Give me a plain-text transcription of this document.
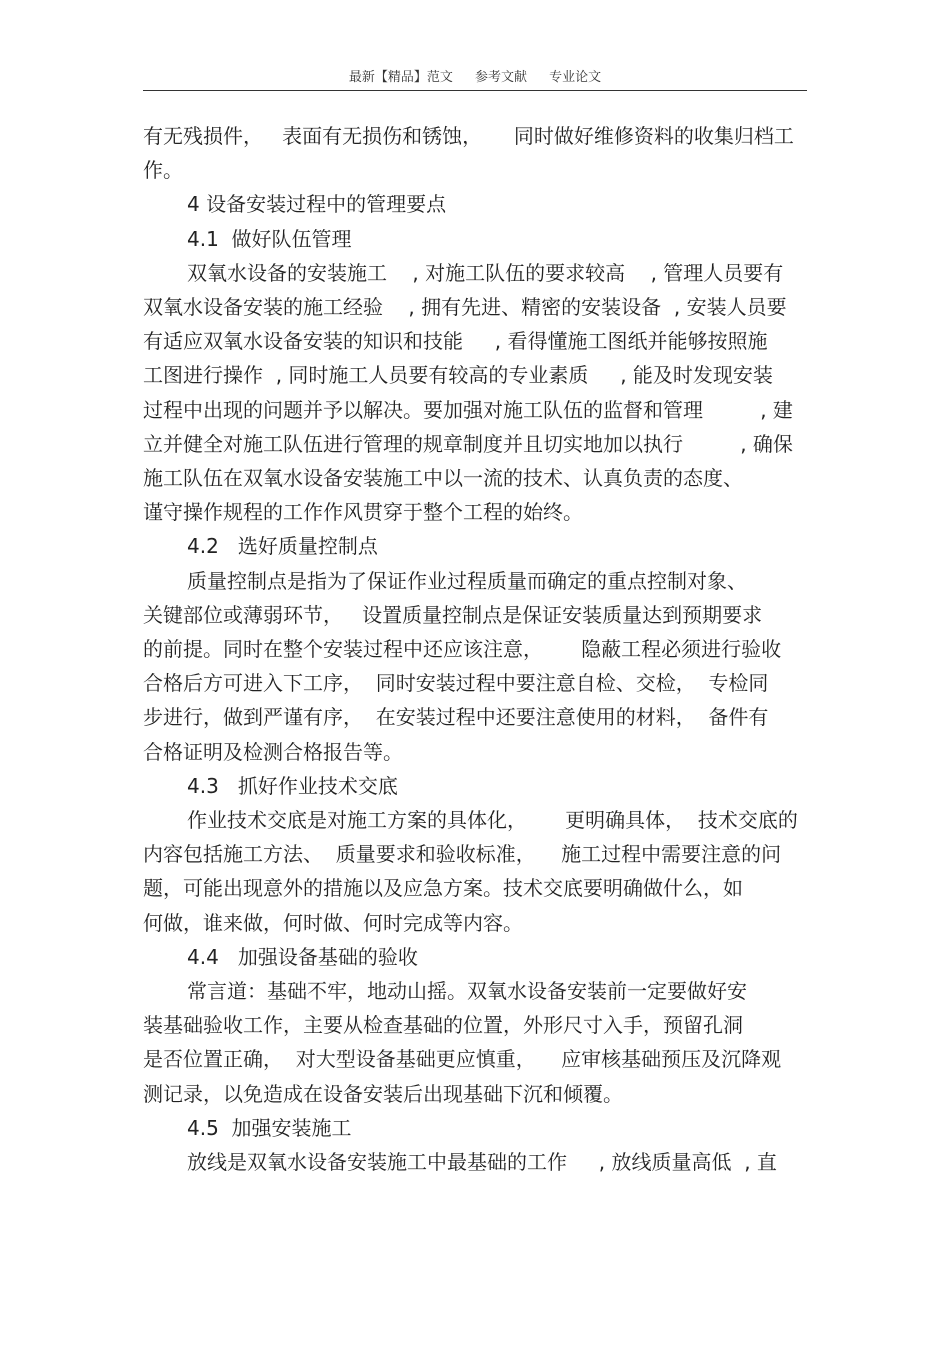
最新【精品】范文 参考文献 专业论文
有无残损件，   表面有无损伤和锈蚀，     同时做好维修资料的收集归档工
作。
4 设备安装过程中的管理要点
4.1  做好队伍管理
双氧水设备的安装施工    , 对施工队伍的要求较高    , 管理人员要有
双氧水设备安装的施工经验    , 拥有先进、精密的安装设备  , 安装人员要
有适应双氧水设备安装的知识和技能     , 看得懂施工图纸并能够按照施
工图进行操作  , 同时施工人员要有较高的专业素质     , 能及时发现安装
过程中出现的问题并予以解决。要加强对施工队伍的监督和管理         , 建
立并健全对施工队伍进行管理的规章制度并且切实地加以执行         , 确保
施工队伍在双氧水设备安装施工中以一流的技术、认真负责的态度、
谨守操作规程的工作作风贯穿于整个工程的始终。
4.2   选好质量控制点
质量控制点是指为了保证作业过程质量而确定的重点控制对象、
关键部位或薄弱环节，   设置质量控制点是保证安装质量达到预期要求
的前提。同时在整个安装过程中还应该注意，      隐蔽工程必须进行验收
合格后方可进入下工序，  同时安装过程中要注意自检、交检，  专检同
步进行，做到严谨有序，  在安装过程中还要注意使用的材料，  备件有
合格证明及检测合格报告等。
4.3   抓好作业技术交底
作业技术交底是对施工方案的具体化，      更明确具体，  技术交底的
内容包括施工方法、  质量要求和验收标准，    施工过程中需要注意的问
题，可能出现意外的措施以及应急方案。技术交底要明确做什么，如
何做，谁来做，何时做、何时完成等内容。
4.4   加强设备基础的验收
常言道：基础不牢，地动山摇。双氧水设备安装前一定要做好安
装基础验收工作，主要从检查基础的位置，外形尺寸入手，预留孔洞
是否位置正确，  对大型设备基础更应慎重，    应审核基础预压及沉降观
测记录，以免造成在设备安装后出现基础下沉和倾覆。
4.5  加强安装施工
放线是双氧水设备安装施工中最基础的工作     , 放线质量高低  , 直
